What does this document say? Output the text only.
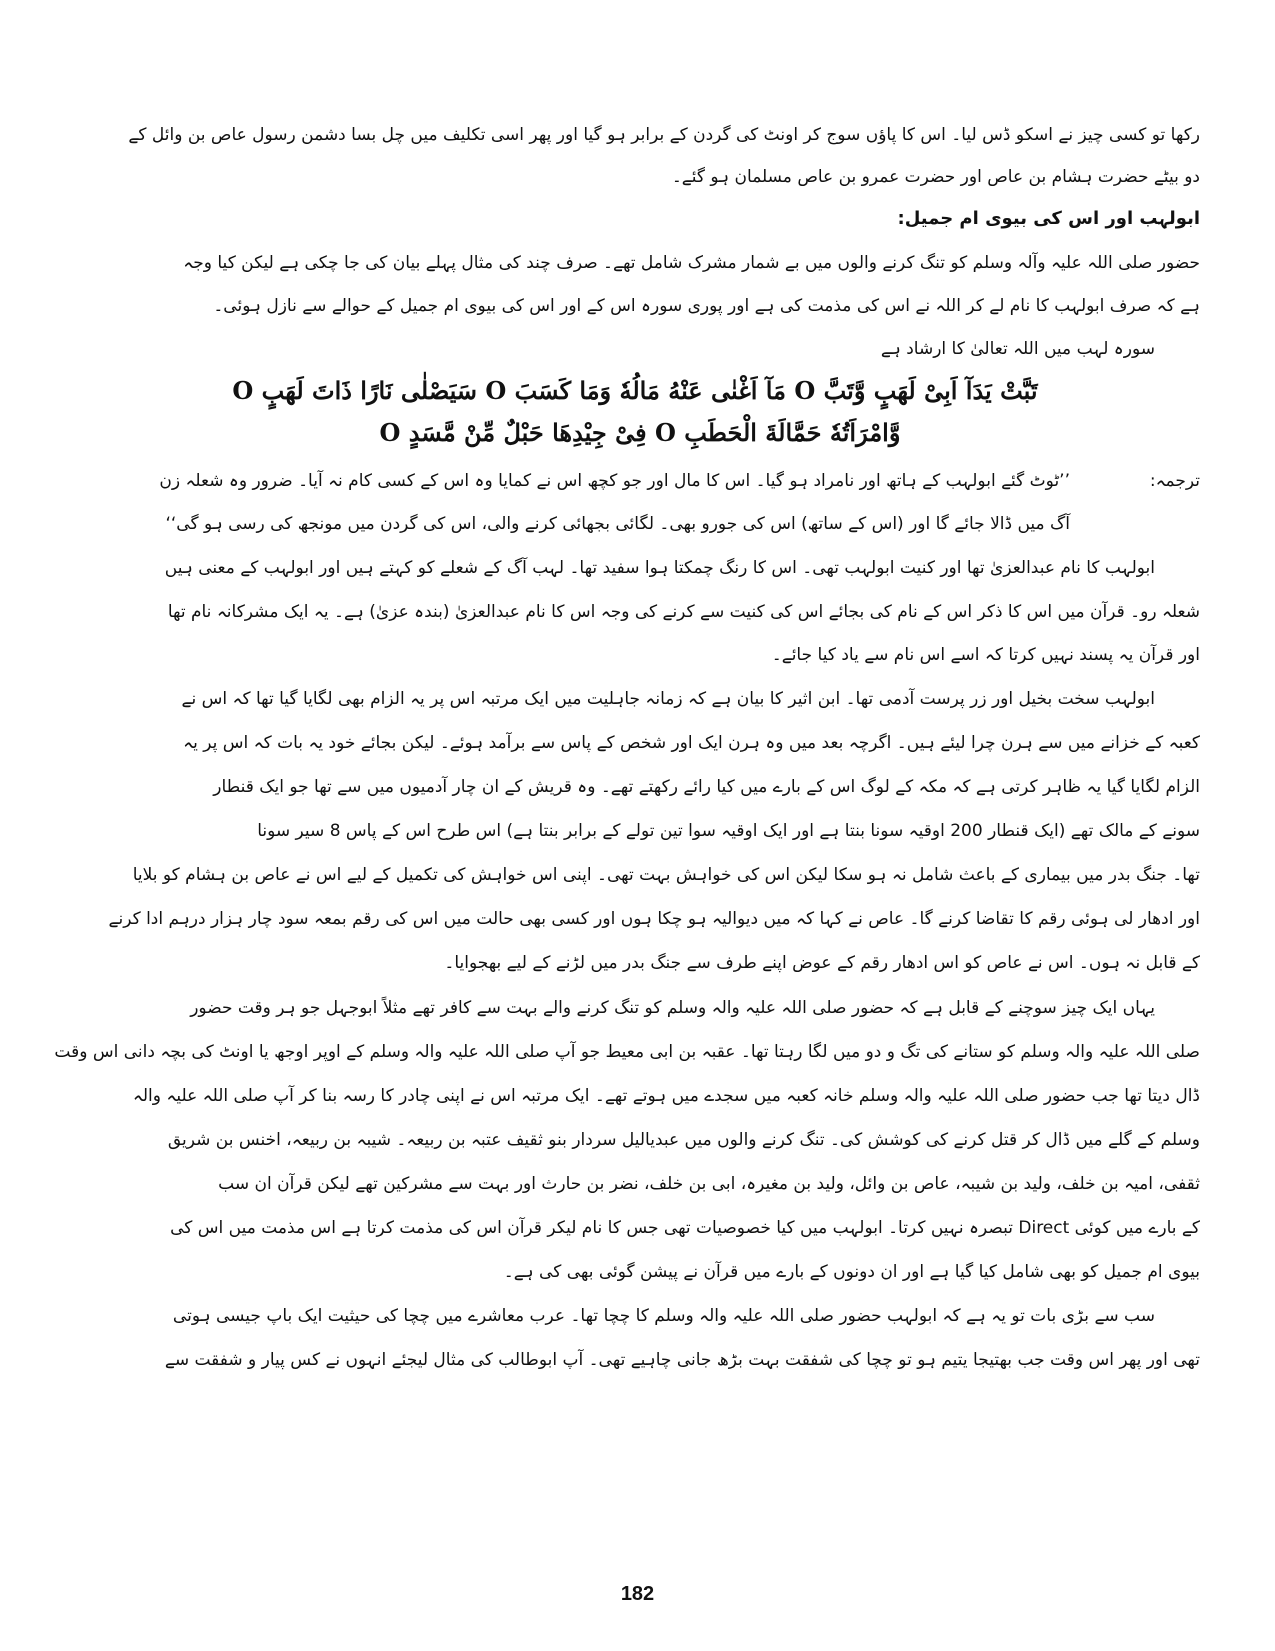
رکھا تو کسی چیز نے اسکو ڈس لیا۔ اس کا پاؤں سوج کر اونٹ کی گردن کے برابر ہو گیا اور پھر اسی تکلیف میں چل بسا دشمن رسول عاص بن وائل کے
دو بیٹے حضرت ہشام بن عاص اور حضرت عمرو بن عاص مسلمان ہو گئے۔
ابولہب اور اس کی بیوی ام جمیل:
حضور صلی اللہ علیہ وآلہ وسلم کو تنگ کرنے والوں میں بے شمار مشرک شامل تھے۔ صرف چند کی مثال پہلے بیان کی جا چکی ہے لیکن کیا وجہ
ہے کہ صرف ابولہب کا نام لے کر اللہ نے اس کی مذمت کی ہے اور پوری سورہ اس کے اور اس کی بیوی ام جمیل کے حوالے سے نازل ہوئی۔
سورہ لہب میں اللہ تعالیٰ کا ارشاد ہے
تَبَّتْ يَدَآ اَبِیْ لَهَبٍ وَّتَبَّ O مَآ اَغْنٰی عَنْهُ مَالُهٗ وَمَا كَسَبَ O سَيَصْلٰى نَارًا ذَاتَ لَهَبٍ O
وَّامْرَاَتُهٗ حَمَّالَةَ الْحَطَبِ O فِیْ جِيْدِهَا حَبْلٌ مِّنْ مَّسَدٍ O
ترجمہ:
’’ٹوٹ گئے ابولہب کے ہاتھ اور نامراد ہو گیا۔ اس کا مال اور جو کچھ اس نے کمایا وہ اس کے کسی کام نہ آیا۔ ضرور وہ شعلہ زن
آگ میں ڈالا جائے گا اور (اس کے ساتھ) اس کی جورو بھی۔ لگائی بجھائی کرنے والی، اس کی گردن میں مونجھ کی رسی ہو گی‘‘
ابولہب کا نام عبدالعزیٰ تھا اور کنیت ابولہب تھی۔ اس کا رنگ چمکتا ہوا سفید تھا۔ لہب آگ کے شعلے کو کہتے ہیں اور ابولہب کے معنی ہیں
شعلہ رو۔ قرآن میں اس کا ذکر اس کے نام کی بجائے اس کی کنیت سے کرنے کی وجہ اس کا نام عبدالعزیٰ (بندہ عزیٰ) ہے۔ یہ ایک مشرکانہ نام تھا
اور قرآن یہ پسند نہیں کرتا کہ اسے اس نام سے یاد کیا جائے۔
ابولہب سخت بخیل اور زر پرست آدمی تھا۔ ابن اثیر کا بیان ہے کہ زمانہ جاہلیت میں ایک مرتبہ اس پر یہ الزام بھی لگایا گیا تھا کہ اس نے
کعبہ کے خزانے میں سے ہرن چرا لیئے ہیں۔ اگرچہ بعد میں وہ ہرن ایک اور شخص کے پاس سے برآمد ہوئے۔ لیکن بجائے خود یہ بات کہ اس پر یہ
الزام لگایا گیا یہ ظاہر کرتی ہے کہ مکہ کے لوگ اس کے بارے میں کیا رائے رکھتے تھے۔ وہ قریش کے ان چار آدمیوں میں سے تھا جو ایک قنطار
سونے کے مالک تھے (ایک قنطار 200 اوقیہ سونا بنتا ہے اور ایک اوقیہ سوا تین تولے کے برابر بنتا ہے) اس طرح اس کے پاس 8 سیر سونا
تھا۔ جنگ بدر میں بیماری کے باعث شامل نہ ہو سکا لیکن اس کی خواہش بہت تھی۔ اپنی اس خواہش کی تکمیل کے لیے اس نے عاص بن ہشام کو بلایا
اور ادھار لی ہوئی رقم کا تقاضا کرنے گا۔ عاص نے کہا کہ میں دیوالیہ ہو چکا ہوں اور کسی بھی حالت میں اس کی رقم بمعہ سود چار ہزار درہم ادا کرنے
کے قابل نہ ہوں۔ اس نے عاص کو اس ادھار رقم کے عوض اپنے طرف سے جنگ بدر میں لڑنے کے لیے بھجوایا۔
یہاں ایک چیز سوچنے کے قابل ہے کہ حضور صلی اللہ علیہ والہ وسلم کو تنگ کرنے والے بہت سے کافر تھے مثلاً ابوجہل جو ہر وقت حضور
صلی اللہ علیہ والہ وسلم کو ستانے کی تگ و دو میں لگا رہتا تھا۔ عقبہ بن ابی معیط جو آپ صلی اللہ علیہ والہ وسلم کے اوپر اوجھ یا اونٹ کی بچہ دانی اس وقت
ڈال دیتا تھا جب حضور صلی اللہ علیہ والہ وسلم خانہ کعبہ میں سجدے میں ہوتے تھے۔ ایک مرتبہ اس نے اپنی چادر کا رسہ بنا کر آپ صلی اللہ علیہ والہ
وسلم کے گلے میں ڈال کر قتل کرنے کی کوشش کی۔ تنگ کرنے والوں میں عبدیالیل سردار بنو ثقیف عتبہ بن ربیعہ۔ شیبہ بن ربیعہ، اخنس بن شریق
ثقفی، امیہ بن خلف، ولید بن شیبہ، عاص بن وائل، ولید بن مغیرہ، ابی بن خلف، نضر بن حارث اور بہت سے مشرکین تھے لیکن قرآن ان سب
کے بارے میں کوئی Direct تبصرہ نہیں کرتا۔ ابولہب میں کیا خصوصیات تھی جس کا نام لیکر قرآن اس کی مذمت کرتا ہے اس مذمت میں اس کی
بیوی ام جمیل کو بھی شامل کیا گیا ہے اور ان دونوں کے بارے میں قرآن نے پیشن گوئی بھی کی ہے۔
سب سے بڑی بات تو یہ ہے کہ ابولہب حضور صلی اللہ علیہ والہ وسلم کا چچا تھا۔ عرب معاشرے میں چچا کی حیثیت ایک باپ جیسی ہوتی
تھی اور پھر اس وقت جب بھتیجا یتیم ہو تو چچا کی شفقت بہت بڑھ جانی چاہیے تھی۔ آپ ابوطالب کی مثال لیجئے انہوں نے کس پیار و شفقت سے
182
